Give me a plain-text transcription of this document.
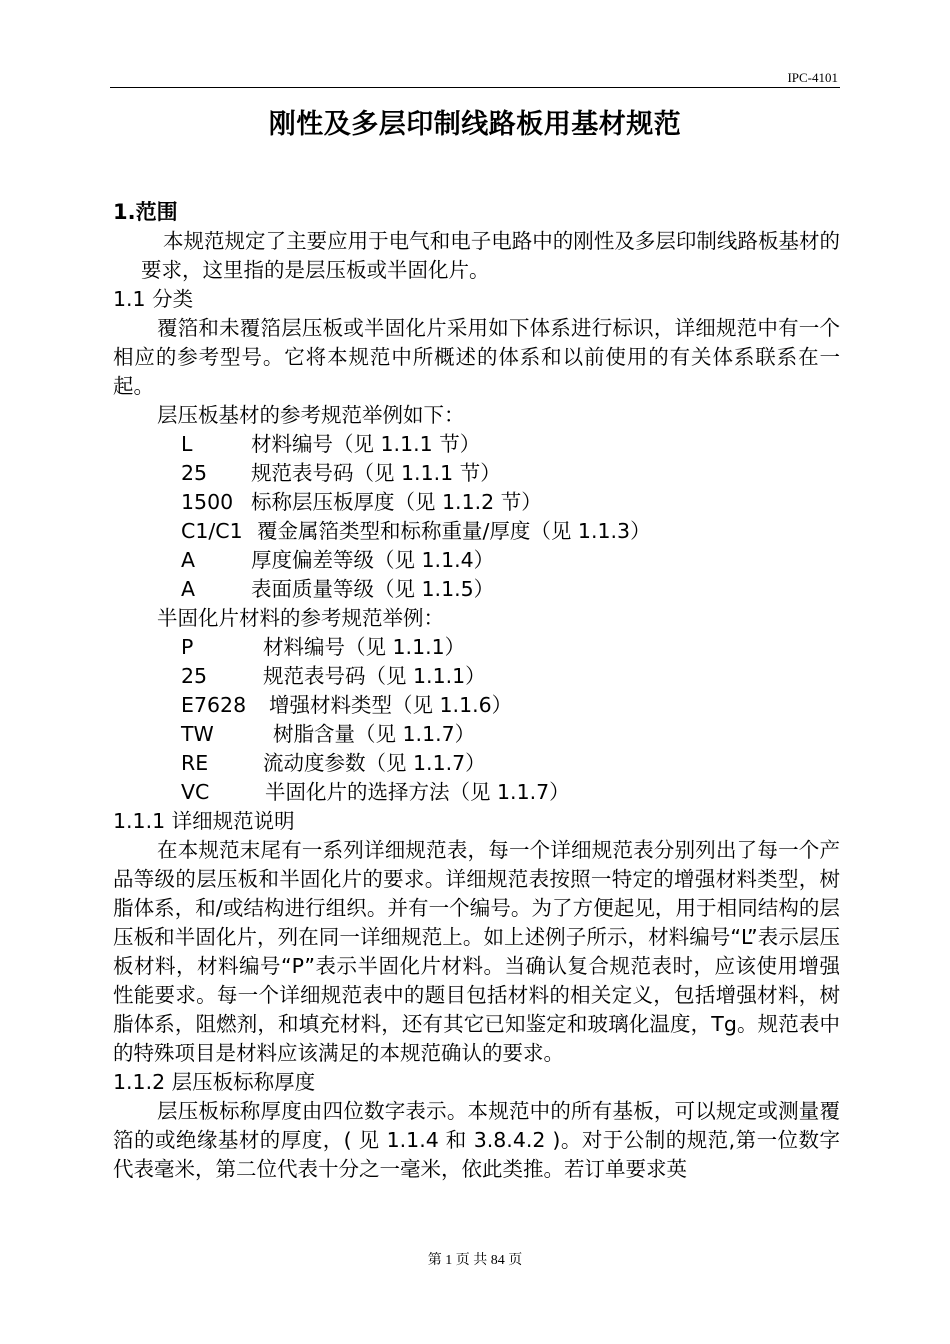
IPC-4101
刚性及多层印制线路板用基材规范

1.范围

本规范规定了主要应用于电气和电子电路中的刚性及多层印制线路板基材的要求，这里指的是层压板或半固化片。

1.1 分类

覆箔和未覆箔层压板或半固化片采用如下体系进行标识，详细规范中有一个相应的参考型号。它将本规范中所概述的体系和以前使用的有关体系联系在一起。

层压板基材的参考规范举例如下：

L	材料编号（见 1.1.1 节）

25	规范表号码（见 1.1.1 节）

1500 标称层压板厚度（见 1.1.2 节）

C1/C1 覆金属箔类型和标称重量/厚度（见 1.1.3）

A	厚度偏差等级（见 1.1.4）

A	表面质量等级（见 1.1.5）

半固化片材料的参考规范举例：

P	材料编号（见 1.1.1）

25	规范表号码（见 1.1.1）

E7628	增强材料类型（见 1.1.6）

TW	树脂含量（见 1.1.7）

RE	流动度参数（见 1.1.7）

VC	半固化片的选择方法（见 1.1.7）

1.1.1 详细规范说明

在本规范末尾有一系列详细规范表，每一个详细规范表分别列出了每一个产品等级的层压板和半固化片的要求。详细规范表按照一特定的增强材料类型，树脂体系，和/或结构进行组织。并有一个编号。为了方便起见，用于相同结构的层压板和半固化片，列在同一详细规范上。如上述例子所示，材料编号“L”表示层压板材料，材料编号“P”表示半固化片材料。当确认复合规范表时，应该使用增强性能要求。每一个详细规范表中的题目包括材料的相关定义，包括增强材料，树脂体系，阻燃剂，和填充材料，还有其它已知鉴定和玻璃化温度，Tg。规范表中的特殊项目是材料应该满足的本规范确认的要求。

1.1.2 层压板标称厚度

层压板标称厚度由四位数字表示。本规范中的所有基板，可以规定或测量覆箔的或绝缘基材的厚度，( 见 1.1.4 和 3.8.4.2 )。对于公制的规范,第一位数字代表毫米，第二位代表十分之一毫米，依此类推。若订单要求英

第 1 页 共 84 页
